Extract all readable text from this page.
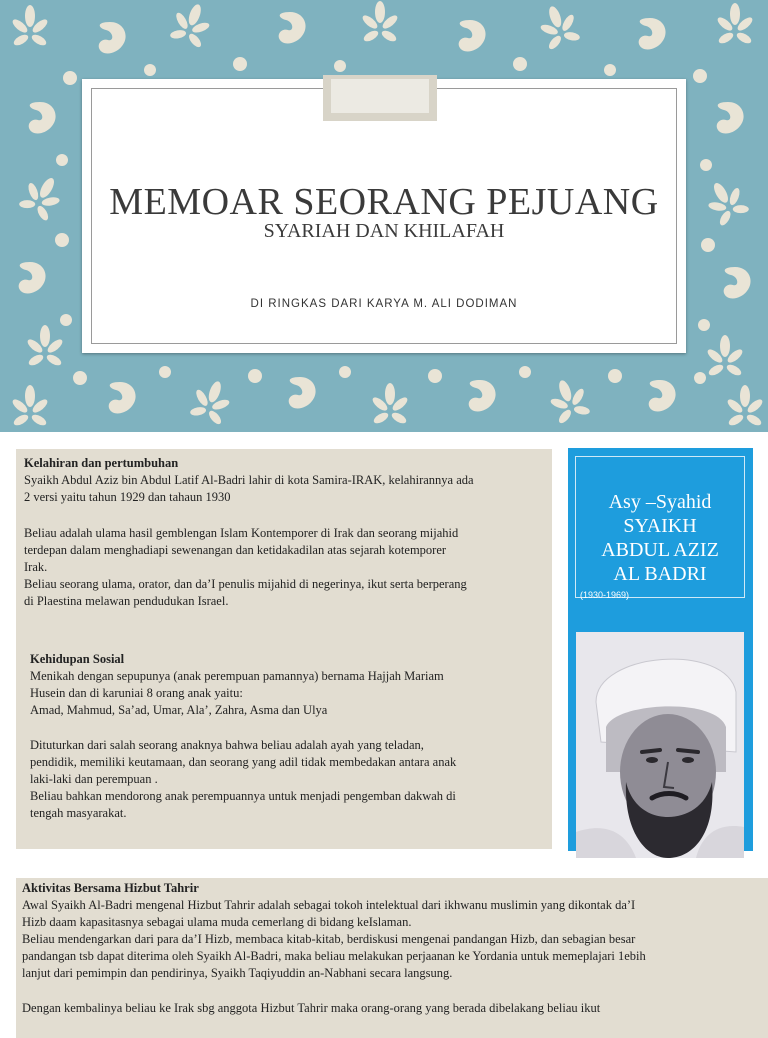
MEMOAR SEORANG PEJUANG
SYARIAH DAN KHILAFAH
DI RINGKAS DARI KARYA M. ALI DODIMAN
Kelahiran dan pertumbuhan
Syaikh Abdul Aziz bin Abdul Latif Al-Badri lahir di kota Samira-IRAK, kelahirannya ada
2 versi yaitu tahun 1929 dan tahaun 1930
Beliau adalah ulama hasil gemblengan Islam Kontemporer di Irak dan seorang mijahid
terdepan dalam menghadiapi sewenangan dan ketidakadilan atas sejarah kotemporer
Irak.
Beliau seorang ulama, orator, dan da’I penulis mijahid di negerinya, ikut serta berperang
di Plaestina melawan pendudukan Israel.
Kehidupan Sosial
Menikah dengan sepupunya (anak perempuan pamannya) bernama Hajjah Mariam
Husein dan di karuniai 8 orang anak yaitu:
Amad, Mahmud, Sa’ad, Umar, Ala’, Zahra, Asma dan Ulya
Dituturkan dari salah seorang anaknya bahwa beliau adalah ayah yang teladan,
pendidik, memiliki keutamaan, dan seorang yang adil tidak membedakan antara anak
laki-laki dan perempuan .
Beliau bahkan mendorong anak perempuannya untuk menjadi pengemban dakwah di
tengah masyarakat.
Asy –Syahid
SYAIKH
ABDUL AZIZ
AL BADRI
(1930-1969)
Aktivitas Bersama Hizbut Tahrir
Awal Syaikh Al-Badri mengenal Hizbut Tahrir adalah sebagai tokoh intelektual dari ikhwanu muslimin yang dikontak da’I
Hizb daam kapasitasnya sebagai ulama muda cemerlang di bidang keIslaman.
Beliau mendengarkan dari para da’I Hizb, membaca kitab-kitab, berdiskusi mengenai pandangan Hizb, dan sebagian besar
pandangan tsb dapat diterima oleh Syaikh Al-Badri, maka beliau melakukan perjaanan ke Yordania untuk memeplajari 1ebih
lanjut dari pemimpin dan pendirinya, Syaikh Taqiyuddin an-Nabhani secara langsung.
Dengan kembalinya beliau ke Irak sbg anggota Hizbut Tahrir maka orang-orang yang berada dibelakang beliau ikut
